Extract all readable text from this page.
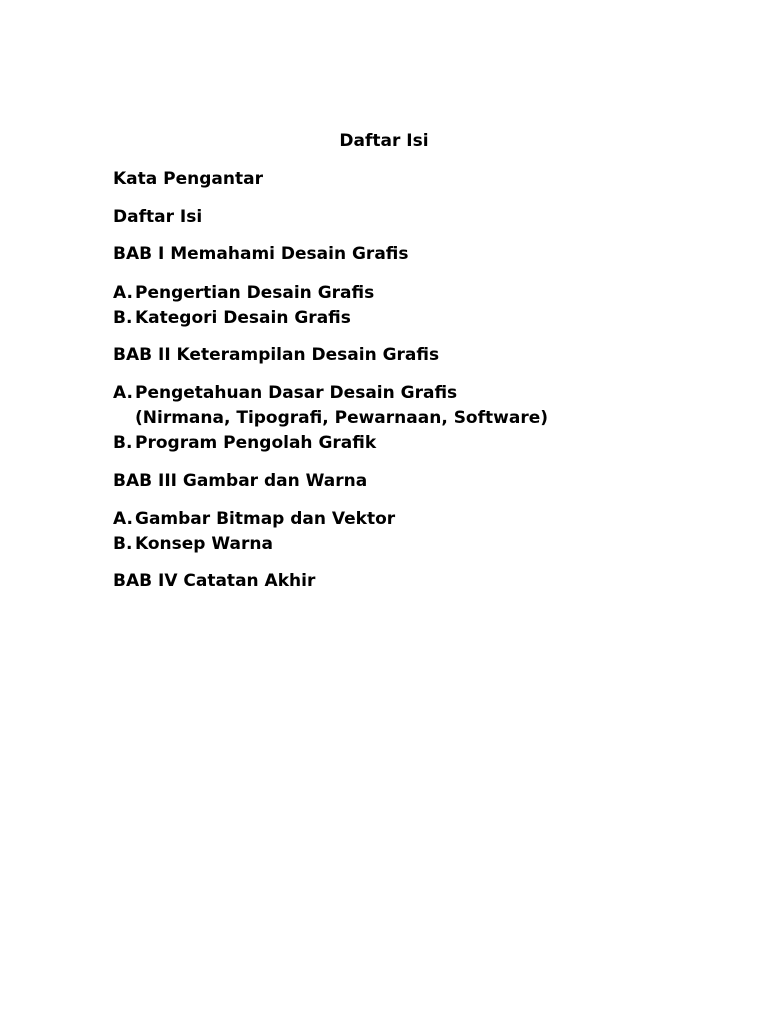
Daftar Isi
Kata Pengantar
Daftar Isi
BAB I Memahami Desain Grafis
A. Pengertian Desain Grafis
B. Kategori Desain Grafis
BAB II Keterampilan Desain Grafis
A. Pengetahuan Dasar Desain Grafis
(Nirmana, Tipografi, Pewarnaan, Software)
B. Program Pengolah Grafik
BAB III Gambar dan Warna
A. Gambar Bitmap dan Vektor
B. Konsep Warna
BAB IV Catatan Akhir
